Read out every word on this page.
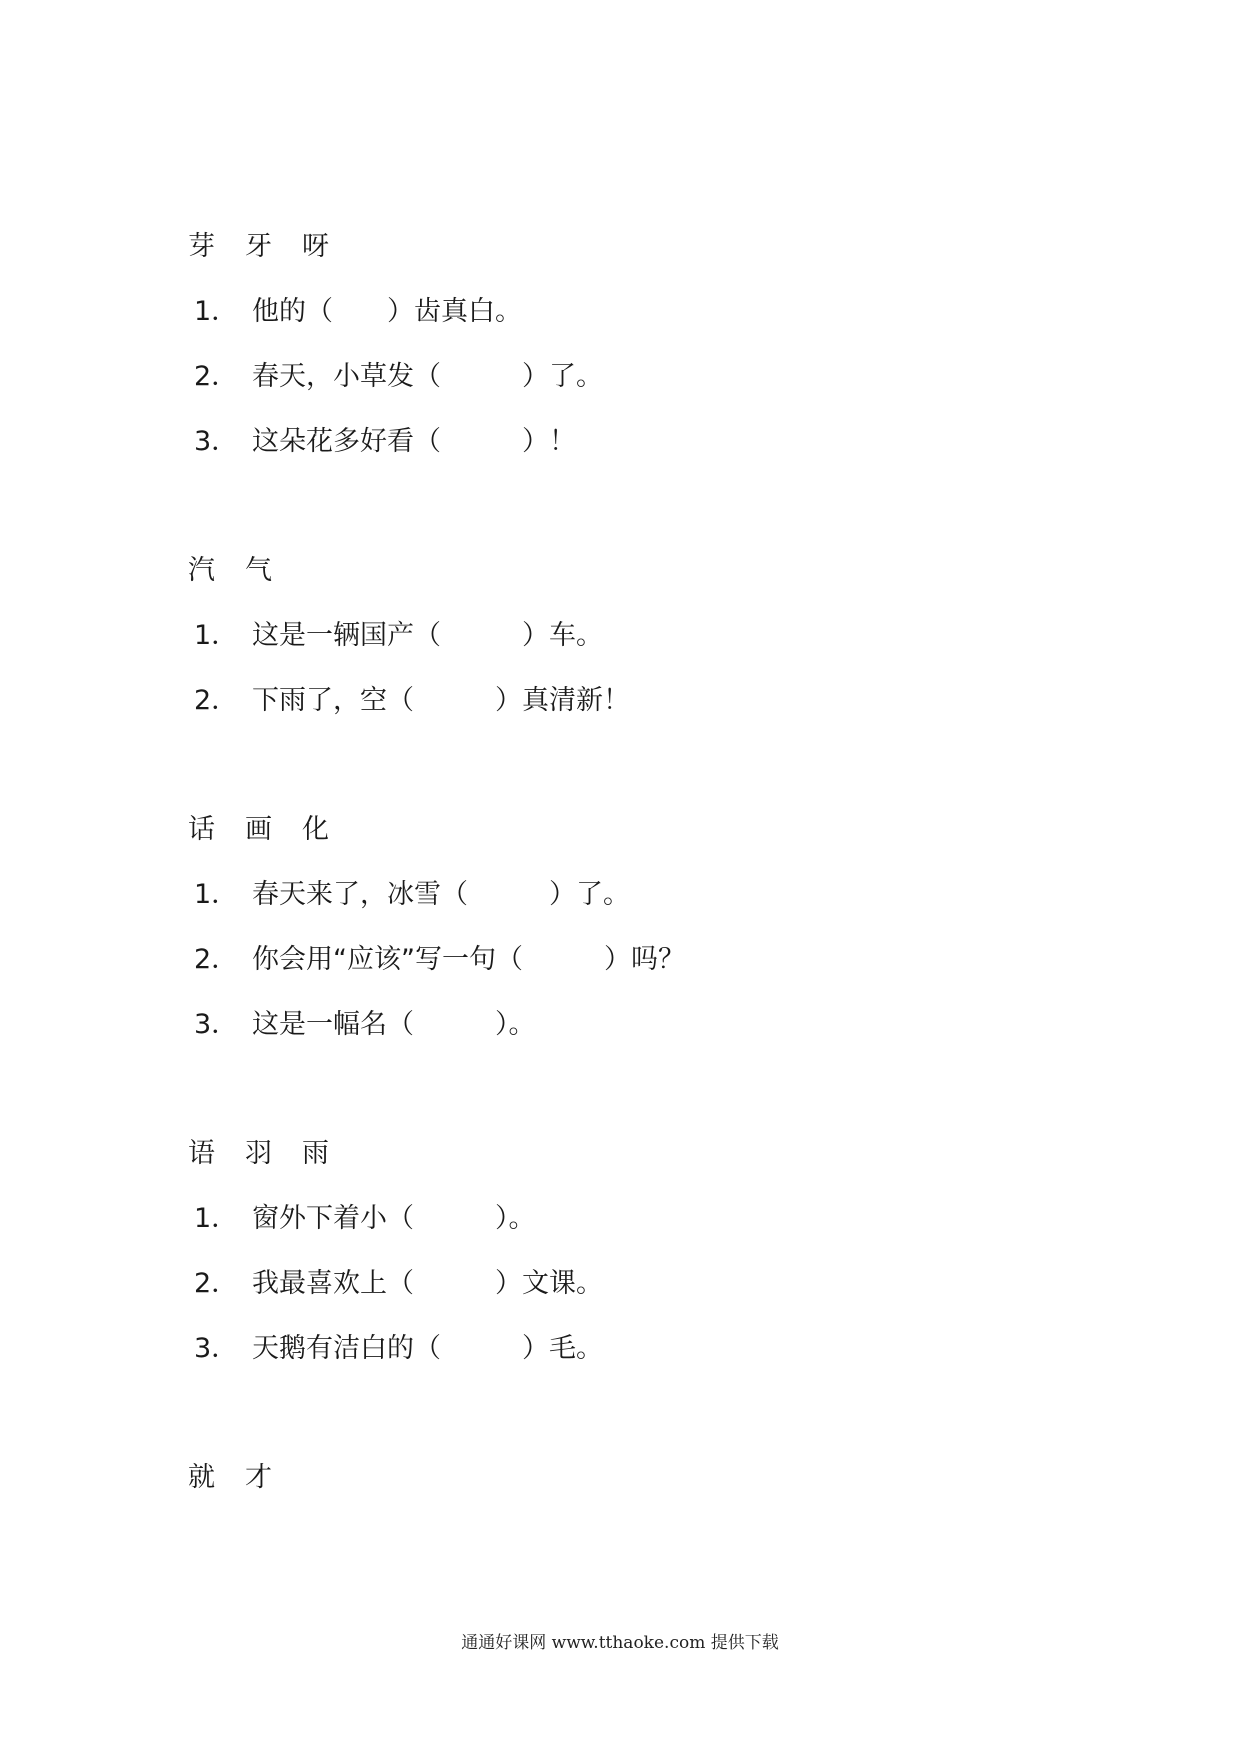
芽 牙 呀
1． 他的（　　）齿真白。
2． 春天，小草发（　　　）了。
3． 这朵花多好看（　　　）！
汽 气
1． 这是一辆国产（　　　）车。
2． 下雨了，空（　　　）真清新！
话 画 化
1． 春天来了，冰雪（　　　）了。
2． 你会用“应该”写一句（　　　）吗？
3． 这是一幅名（　　　）。
语 羽 雨
1． 窗外下着小（　　　）。
2． 我最喜欢上（　　　）文课。
3． 天鹅有洁白的（　　　）毛。
就 才
通通好课网 www.tthaoke.com 提供下载
